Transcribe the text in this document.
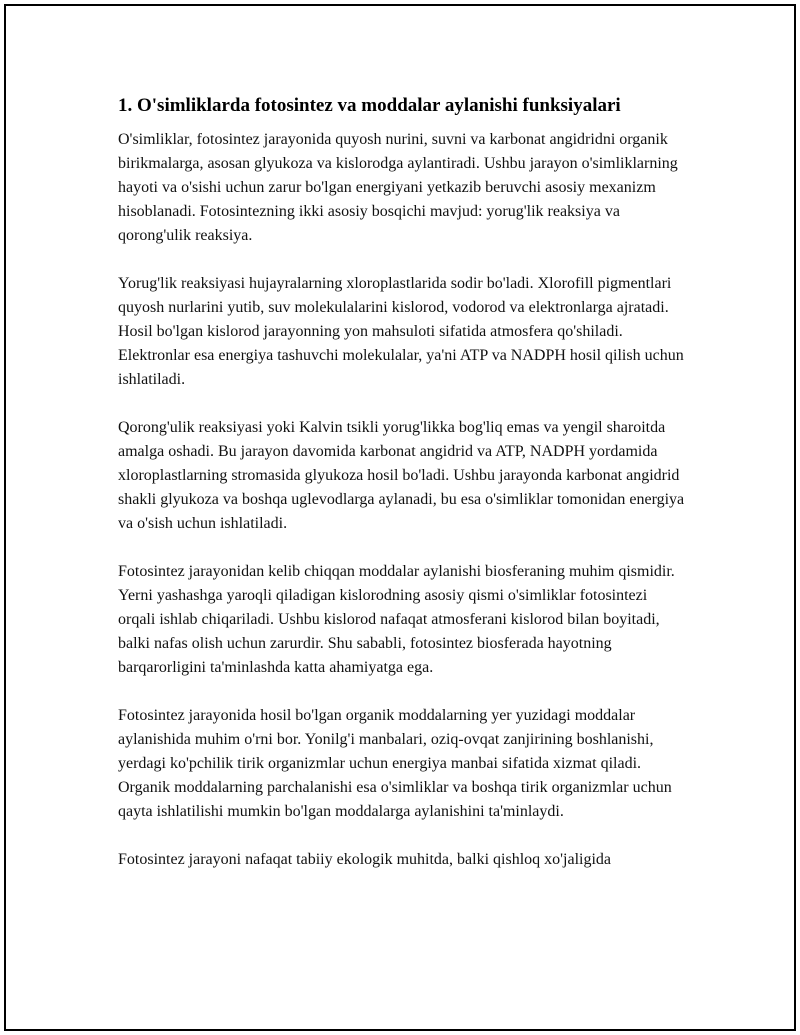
1. O'simliklarda fotosintez va moddalar aylanishi funksiyalari

O'simliklar, fotosintez jarayonida quyosh nurini, suvni va karbonat angidridni organik birikmalarga, asosan glyukoza va kislorodga aylantiradi. Ushbu jarayon o'simliklarning hayoti va o'sishi uchun zarur bo'lgan energiyani yetkazib beruvchi asosiy mexanizm hisoblanadi. Fotosintezning ikki asosiy bosqichi mavjud: yorug'lik reaksiya va qorong'ulik reaksiya.

Yorug'lik reaksiyasi hujayralarning xloroplastlarida sodir bo'ladi. Xlorofill pigmentlari quyosh nurlarini yutib, suv molekulalarini kislorod, vodorod va elektronlarga ajratadi. Hosil bo'lgan kislorod jarayonning yon mahsuloti sifatida atmosfera qo'shiladi. Elektronlar esa energiya tashuvchi molekulalar, ya'ni ATP va NADPH hosil qilish uchun ishlatiladi.

Qorong'ulik reaksiyasi yoki Kalvin tsikli yorug'likka bog'liq emas va yengil sharoitda amalga oshadi. Bu jarayon davomida karbonat angidrid va ATP, NADPH yordamida xloroplastlarning stromasida glyukoza hosil bo'ladi. Ushbu jarayonda karbonat angidrid shakli glyukoza va boshqa uglevodlarga aylanadi, bu esa o'simliklar tomonidan energiya va o'sish uchun ishlatiladi.

Fotosintez jarayonidan kelib chiqqan moddalar aylanishi biosferaning muhim qismidir. Yerni yashashga yaroqli qiladigan kislorodning asosiy qismi o'simliklar fotosintezi orqali ishlab chiqariladi. Ushbu kislorod nafaqat atmosferani kislorod bilan boyitadi, balki nafas olish uchun zarurdir. Shu sababli, fotosintez biosferada hayotning barqarorligini ta'minlashda katta ahamiyatga ega.

Fotosintez jarayonida hosil bo'lgan organik moddalarning yer yuzidagi moddalar aylanishida muhim o'rni bor. Yonilg'i manbalari, oziq-ovqat zanjirining boshlanishi, yerdagi ko'pchilik tirik organizmlar uchun energiya manbai sifatida xizmat qiladi. Organik moddalarning parchalanishi esa o'simliklar va boshqa tirik organizmlar uchun qayta ishlatilishi mumkin bo'lgan moddalarga aylanishini ta'minlaydi.

Fotosintez jarayoni nafaqat tabiiy ekologik muhitda, balki qishloq xo'jaligida
